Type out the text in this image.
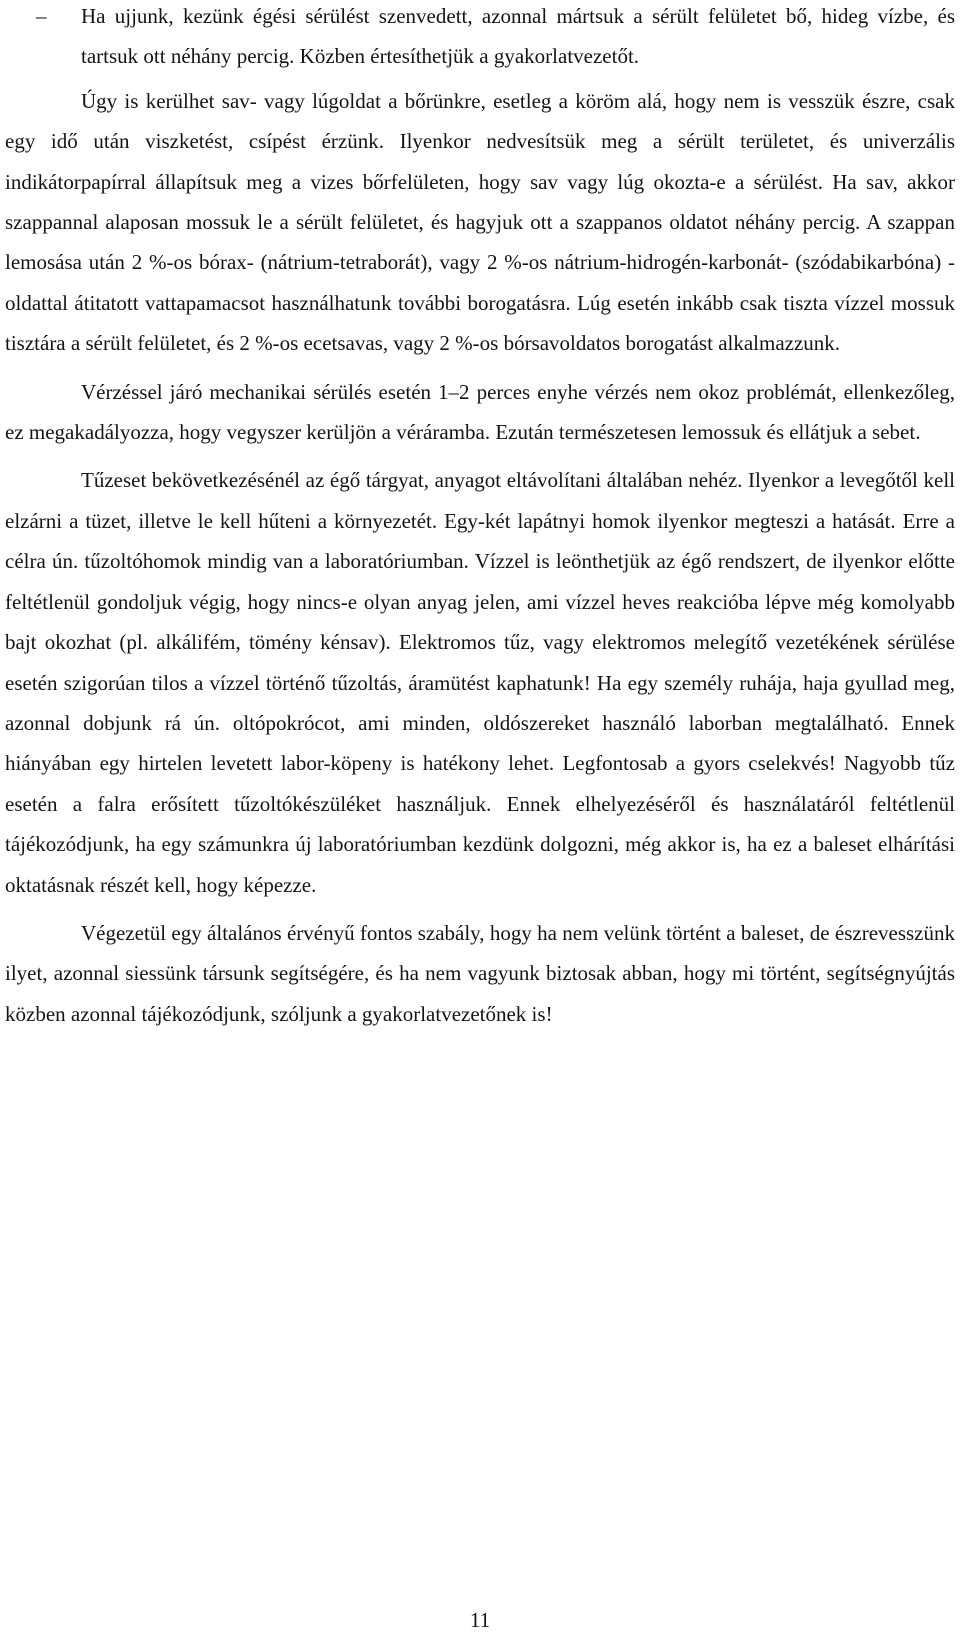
– Ha ujjunk, kezünk égési sérülést szenvedett, azonnal mártsuk a sérült felületet bő, hideg vízbe, és tartsuk ott néhány percig. Közben értesíthetjük a gyakorlatvezetőt.

Úgy is kerülhet sav- vagy lúgoldat a bőrünkre, esetleg a köröm alá, hogy nem is vesszük észre, csak egy idő után viszketést, csípést érzünk. Ilyenkor nedvesítsük meg a sérült területet, és univerzális indikátorpapírral állapítsuk meg a vizes bőrfelületen, hogy sav vagy lúg okozta-e a sérülést. Ha sav, akkor szappannal alaposan mossuk le a sérült felületet, és hagyjuk ott a szappanos oldatot néhány percig. A szappan lemosása után 2 %-os bórax- (nátrium-tetraborát), vagy 2 %-os nátrium-hidrogén-karbonát- (szódabikarbóna) -oldattal átitatott vattapamacsot használhatunk további borogatásra. Lúg esetén inkább csak tiszta vízzel mossuk tisztára a sérült felületet, és 2 %-os ecetsavas, vagy 2 %-os bórsavoldatos borogatást alkalmazzunk.

Vérzéssel járó mechanikai sérülés esetén 1–2 perces enyhe vérzés nem okoz problémát, ellenkezőleg, ez megakadályozza, hogy vegyszer kerüljön a véráramba. Ezután természetesen lemossuk és ellátjuk a sebet.

Tűzeset bekövetkezésénél az égő tárgyat, anyagot eltávolítani általában nehéz. Ilyenkor a levegőtől kell elzárni a tüzet, illetve le kell hűteni a környezetét. Egy-két lapátnyi homok ilyenkor megteszi a hatását. Erre a célra ún. tűzoltóhomok mindig van a laboratóriumban. Vízzel is leönthetjük az égő rendszert, de ilyenkor előtte feltétlenül gondoljuk végig, hogy nincs-e olyan anyag jelen, ami vízzel heves reakcióba lépve még komolyabb bajt okozhat (pl. alkálifém, tömény kénsav). Elektromos tűz, vagy elektromos melegítő vezetékének sérülése esetén szigorúan tilos a vízzel történő tűzoltás, áramütést kaphatunk! Ha egy személy ruhája, haja gyullad meg, azonnal dobjunk rá ún. oltópokrócot, ami minden, oldószereket használó laborban megtalálható. Ennek hiányában egy hirtelen levetett labor-köpeny is hatékony lehet. Legfontosab a gyors cselekvés! Nagyobb tűz esetén a falra erősített tűzoltókészüléket használjuk. Ennek elhelyezéséről és használatáról feltétlenül tájékozódjunk, ha egy számunkra új laboratóriumban kezdünk dolgozni, még akkor is, ha ez a baleset elhárítási oktatásnak részét kell, hogy képezze.

Végezetül egy általános érvényű fontos szabály, hogy ha nem velünk történt a baleset, de észrevesszünk ilyet, azonnal siessünk társunk segítségére, és ha nem vagyunk biztosak abban, hogy mi történt, segítségnyújtás közben azonnal tájékozódjunk, szóljunk a gyakorlatvezetőnek is!

11
